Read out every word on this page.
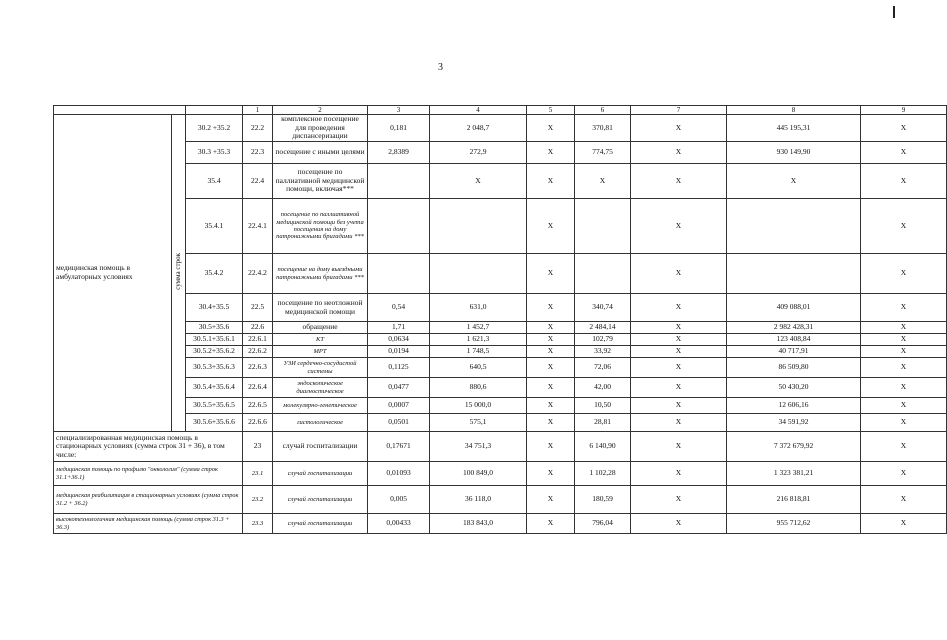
3
			1	2	3	4	5	6	7	8	9
медицинская помощь в амбулаторных условиях	сумма строк	30.2 +35.2	22.2	комплексное посещение для проведения диспансеризации	0,181	2 048,7	X	370,81	X	445 195,31	X
		30.3 +35.3	22.3	посещение с иными целями	2,8389	272,9	X	774,75	X	930 149,90	X
		35.4	22.4	посещение по паллиативной медицинской помощи, включая***		X	X	X	X	X	X
		35.4.1	22.4.1	посещение по паллиативной медицинской помощи без учета посещения на дому патронажными бригадами ***			X		X		X
		35.4.2	22.4.2	посещение на дому выездными патронажными бригадами ***			X		X		X
		30.4+35.5	22.5	посещение по неотложной медицинской помощи	0,54	631,0	X	340,74	X	409 088,01	X
		30.5+35.6	22.6	обращение	1,71	1 452,7	X	2 484,14	X	2 982 428,31	X
		30.5.1+35.6.1	22.6.1	КТ	0,0634	1 621,3	X	102,79	X	123 408,84	X
		30.5.2+35.6.2	22.6.2	МРТ	0,0194	1 748,5	X	33,92	X	40 717,91	X
		30.5.3+35.6.3	22.6.3	УЗИ сердечно-сосудистой системы	0,1125	640,5	X	72,06	X	86 509,80	X
		30.5.4+35.6.4	22.6.4	эндоскопическое диагностическое	0,0477	880,6	X	42,00	X	50 430,20	X
		30.5.5+35.6.5	22.6.5	молекулярно-генетическое	0,0007	15 000,0	X	10,50	X	12 606,16	X
		30.5.6+35.6.6	22.6.6	гистологическое	0,0501	575,1	X	28,81	X	34 591,92	X
специализированная медицинская помощь в стационарных условиях (сумма строк 31 + 36), в том числе:			23	случай госпитализации	0,17671	34 751,3	X	6 140,90	X	7 372 679,92	X
медицинская помощь по профилю "онкология" (сумма строк 31.1+36.1)			23.1	случай госпитализации	0,01093	100 849,0	X	1 102,28	X	1 323 381,21	X
медицинская реабилитация в стационарных условиях (сумма строк 31.2 + 36.2)			23.2	случай госпитализации	0,005	36 118,0	X	180,59	X	216 818,81	X
высокотехнологичная медицинская помощь (сумма строк 31.3 + 36.3)			23.3	случай госпитализации	0,00433	183 843,0	X	796,04	X	955 712,62	X
